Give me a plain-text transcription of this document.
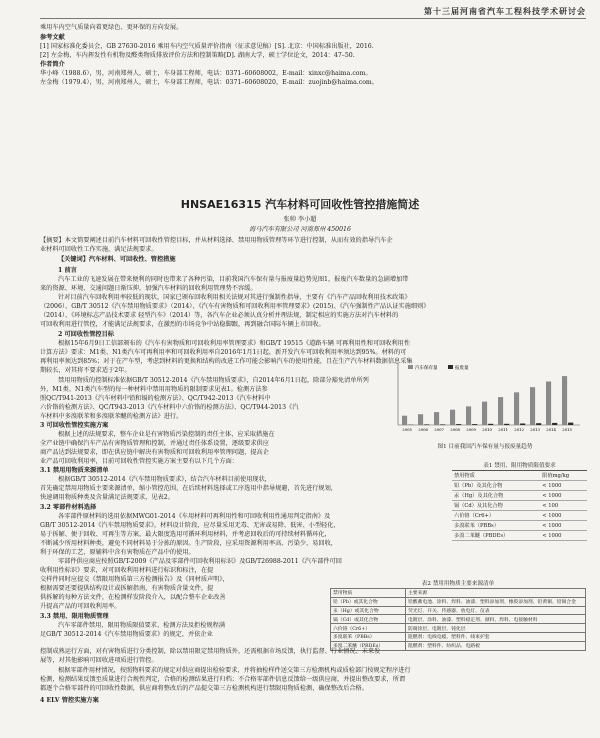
第十三届河南省汽车工程科技学术研讨会
乘用车内空气质量向着更绿色、更环保的方向发展。
参考文献
[1] 国家标准化委员会，GB 27630-2016 乘用车内空气质量评价指南（征求意见稿）[S]. 北京：中国标准出版社，2016.
[2] 左金梅，车内挥发性有机物及醛类物质排放评价方法和控制策略[D]. 湖南大学，硕士学位论文，2014：47–50.
作者简介
华小峰（1988.6），男，河南郑州人，硕士，车身部工程师，电话：0371–60608002，E-mail：xinxc@haima.com。
左金梅（1979.4），男，河南郑州人，硕士，车身部工程师，电话：0371–60608020，E-mail：zuojinb@haima.com。
HNSAE16315 汽车材料可回收性管控措施简述
张帅 李小超
海马汽车有限公司 河南郑州 450016
【摘要】本文简要阐述目前汽车材料可回收性管控目标，并从材料选择、禁用用物质管理等环节进行控制，从而有效的指导汽车企
业材料可回收性工作实施，满足法规要求。
【关键词】汽车材料、可回收性、管控措施
1 前言
汽车工业的飞速发展在带来便利的同时也带来了各种污染，目前我国汽车保有量与报废量趋势见图1，报废汽车数量的急剧增加带
来的资源、环境、交通问题日渐压抑，加强汽车材料的回收利用管理势不容缓。
针对目前汽车回收利用率较低的现状，国家已颁布回收利用相关法规对其进行强制性指导，主要有《汽车产品回收利用技术政策》
（2006）、GB/T 30512《汽车禁用物质要求》（2014）、《汽车有害物质和可回收利用率管理要求》(2015)、《汽车强制性产品认证实施细则》
（2014）、《环境标志产品技术要求 轻型汽车》（2014）等，各汽车企业必须认真分析并理法规，制定相应的实施方法对汽车材料的
可回收利用进行管控，才能满足法规要求，在激烈的市场竞争中站稳脚跟，再到融合国际车辆上市回收。
2 可回收性管控目标
根据15年6月9日工信部颁布的《汽车有害物质和可回收利用率管理要求》和GB/T 19515《道路车辆 可再利用性和可回收利用性
计算方法》要求：M1类、N1类汽车可再利用率和可回收利用率自2016年1月1日起，新开发汽车可回收利用率须达到95%。材料的可
再利用率须达到85%；对于在产车型，考虑到材料的更换和结构的改进工作可能会影响汽车的使用性能，且在生产汽车材料数据信息采集
期较长，对其将不要求适于2年。
禁用用物质的控制标准依据GB/T 30512-2014《汽车禁用物质要求》，自2014年6月1日起，除部分豁免清单所列
外，M1类、N1类汽车型的每一种材料中禁用用物质的限制要求见表1。检测方法参
照QC/T941-2013《汽车材料中铅和镉的检测方法》、QC/T942-2013《汽车材料中
六价铬的检测方法》、QC/T943-2013《汽车材料中六价铬的检测方法》、QC/T944-2013《汽
车材料中多溴联苯和多溴联苯醚的检测方法》进行。
2005 2006 2007 2008 2009 2010 2011 2012 2013 2014 2015
汽车保有量	报废量
图1 目前我国汽车保有量与报废量趋势
3 可回收性管控实施方案
根据上述的法规要求，整车企业是有害物质污染控制的责任主体，应采取措施在
全产业链中确保汽车产品有害物质管理和控制，并通过责任体系设置，逐级要求供应
商产品达到法规要求，即在供应链中解决有害物质和可回收利用率管理问题，提高企
业产品可回收利用率，目前可回收性管控实施方案主要有以下几个方面：
3.1 禁用用物质来源清单
根据GB/T 30512-2014《汽车禁用物质要求》，结合汽车材料目前使用现状，
首先确定禁用用物质主要来源清单，缩小管控范围，在后续材料选择或工序选用中指导规避，首先进行规划，
快速调用物质种类及含量满足法规要求，见表2。
表1 禁用、限用物质限值要求
禁用物质	限值mg/kg
铅（Pb）及其化合物	< 1000
汞（Hg）及其化合物	< 1000
镉（Cd）及其化合物	< 100
六价铬（Cr6+）	< 1000
多溴联苯（PBBs）	< 1000
多溴二苯醚（PBDEs）	< 1000
3.2 零部件材料选择
各零部件原材料的选用依据MWG01-2014《车用材料可再利用性和可回收利用性通用判定指南》及
GB/T 30512-2014《汽车禁用物质要求》，材料设计阶段，应尽量采用无毒、无害或易降、低害、小型轻化、
易于拆解、便于回收、可再生等方案，最大限度选用可循环利用材料，并考虑回收后的可持续材料循环化，
不断减少所用材料种类，避免不同材料易于分拣的原因。生产阶段，应采用资源利用率高、污染少、易回收，
利于环保的工艺，原辅料中含有害物质在产品中的使用。
零部件供应商应按照GB/T-2009《产品及零部件可回收利用标识》及GB/T26988-2011《汽车部件可回
收利用性标识》要求，对可回收利用材料进行标识和标注，在提
交样件同时应提交《禁限用物质第三方检测报告》及《同材质声明》，
根据需要还要提供结构设计或拆解指南，有害物质含量文件，提
供拆解的每种方法文件，在检测样发阶段介入，以配合整车企业改善
升提高产品的可回收利用率。
表2 禁用用物质主要来源清单
禁用物质	主要来源
铅（Pb）或其化合物	铅酸蓄电池、涂料、焊料、油漆、塑料添加剂、橡胶添加剂、铅黄铜、铅锡合金
汞（Hg）或其化合物	荧光灯、开关、传感器、放电灯、仪表
镉（Cd）或其化合物	电镀层、涂料、油漆、塑料稳定剂、颜料、焊料、电接触材料
六价铬（Cr6+）	防腐涂层、电镀层、钝化层
多溴联苯（PBBs）	阻燃剂：电线电缆、塑料件、线束护套
多溴二苯醚（PBDEs）	阻燃剂：塑料件、纺织品、电路板
3.3 禁用、限用物质管理
汽车零部件禁用、限用物质限值要求、检测方法及拒检规程满
足GB/T 30512-2014《汽车禁用物质要求》的规定，并依企业
控制成熟运行方面，对有害物质进行分类控制，除以禁用限定禁用物质外，还需根据市场反馈，执行监督、行业情况、未来发
展等，对其他影响可回收进项质进行管控。
根据零部件用材情况，按照物料要求的规定对供应商提出检验要求，并将抽检样件送交第三方检测机构或质检部门按规定程序进行
检测，检测结果反馈至质量进行合规性判定，合格的检测结果进行归档；不合格零部件信息反馈给一级供应商，并提出整改要求，所谓
都逐个合格零部件的可回收性数据，供应商将整改后的产品提交第三方检测机构进行禁限用物质检测，确保整改后合格。
4 ELV 管控实施方案
